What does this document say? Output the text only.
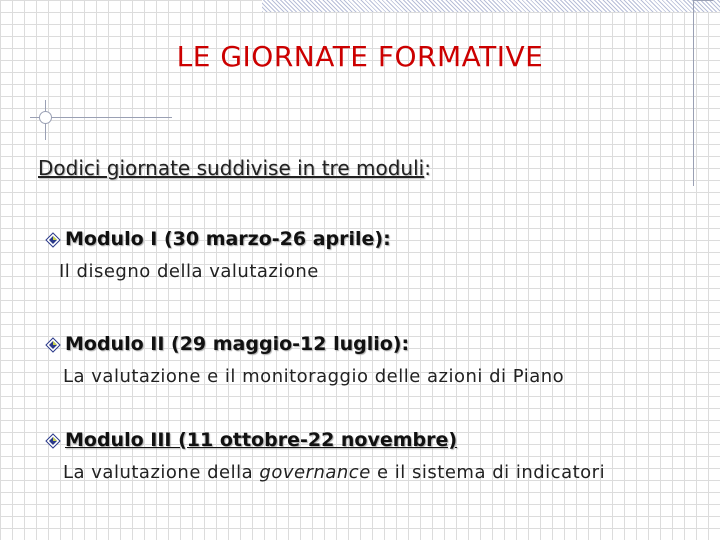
LE GIORNATE FORMATIVE
Dodici giornate suddivise in tre moduli:
Modulo I (30 marzo-26 aprile):
Il disegno della valutazione
Modulo II (29 maggio-12 luglio):
La valutazione e il monitoraggio delle azioni di Piano
Modulo III (11 ottobre-22 novembre)
La valutazione della governance e il sistema di indicatori
